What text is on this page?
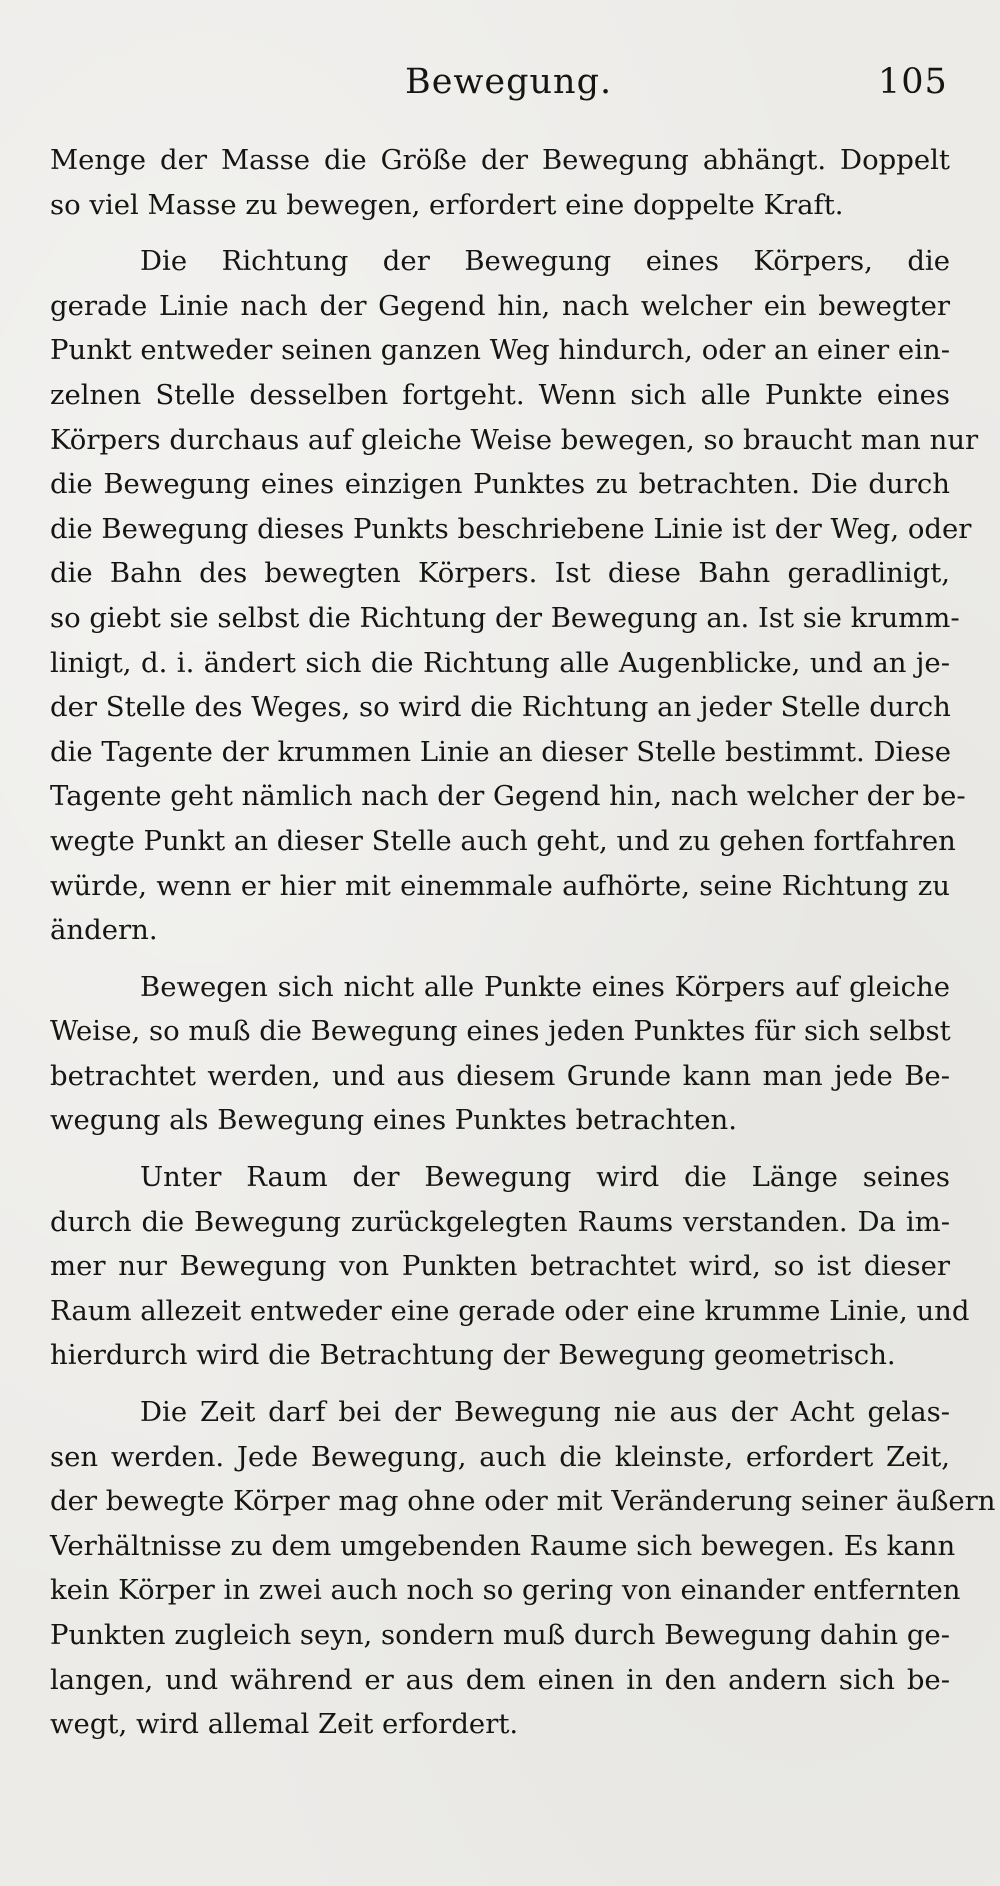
Bewegung.	105
Menge der Masse die Größe der Bewegung abhängt. Doppelt
so viel Masse zu bewegen, erfordert eine doppelte Kraft.
Die Richtung der Bewegung eines Körpers, die
gerade Linie nach der Gegend hin, nach welcher ein bewegter
Punkt entweder seinen ganzen Weg hindurch, oder an einer ein-
zelnen Stelle desselben fortgeht. Wenn sich alle Punkte eines
Körpers durchaus auf gleiche Weise bewegen, so braucht man nur
die Bewegung eines einzigen Punktes zu betrachten. Die durch
die Bewegung dieses Punkts beschriebene Linie ist der Weg, oder
die Bahn des bewegten Körpers. Ist diese Bahn geradlinigt,
so giebt sie selbst die Richtung der Bewegung an. Ist sie krumm-
linigt, d. i. ändert sich die Richtung alle Augenblicke, und an je-
der Stelle des Weges, so wird die Richtung an jeder Stelle durch
die Tagente der krummen Linie an dieser Stelle bestimmt. Diese
Tagente geht nämlich nach der Gegend hin, nach welcher der be-
wegte Punkt an dieser Stelle auch geht, und zu gehen fortfahren
würde, wenn er hier mit einemmale aufhörte, seine Richtung zu
ändern.
Bewegen sich nicht alle Punkte eines Körpers auf gleiche
Weise, so muß die Bewegung eines jeden Punktes für sich selbst
betrachtet werden, und aus diesem Grunde kann man jede Be-
wegung als Bewegung eines Punktes betrachten.
Unter Raum der Bewegung wird die Länge seines
durch die Bewegung zurückgelegten Raums verstanden. Da im-
mer nur Bewegung von Punkten betrachtet wird, so ist dieser
Raum allezeit entweder eine gerade oder eine krumme Linie, und
hierdurch wird die Betrachtung der Bewegung geometrisch.
Die Zeit darf bei der Bewegung nie aus der Acht gelas-
sen werden. Jede Bewegung, auch die kleinste, erfordert Zeit,
der bewegte Körper mag ohne oder mit Veränderung seiner äußern
Verhältnisse zu dem umgebenden Raume sich bewegen. Es kann
kein Körper in zwei auch noch so gering von einander entfernten
Punkten zugleich seyn, sondern muß durch Bewegung dahin ge-
langen, und während er aus dem einen in den andern sich be-
wegt, wird allemal Zeit erfordert.
